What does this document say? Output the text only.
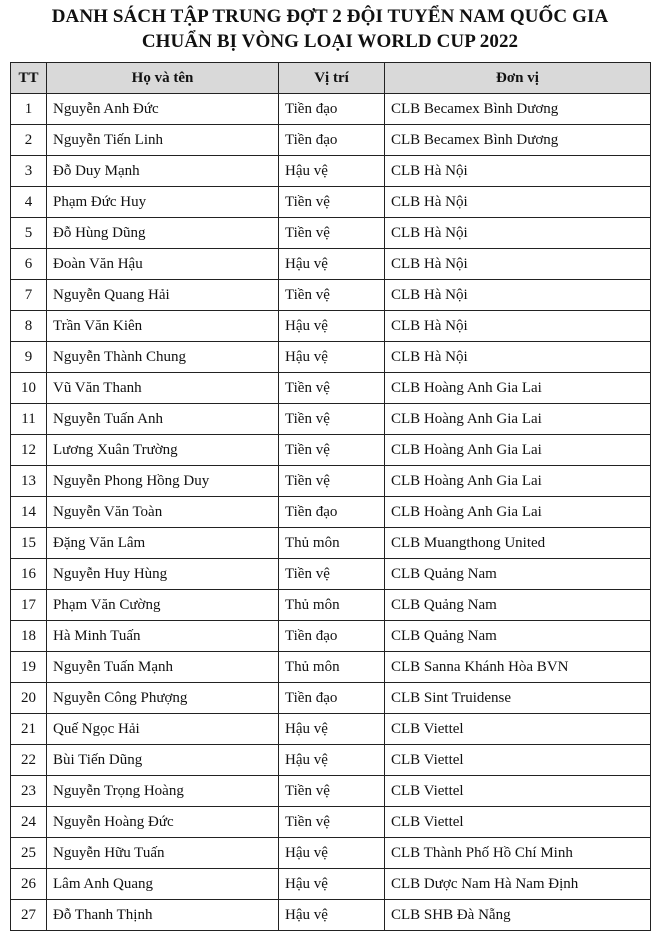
DANH SÁCH TẬP TRUNG ĐỢT 2 ĐỘI TUYỂN NAM QUỐC GIA
CHUẨN BỊ VÒNG LOẠI WORLD CUP 2022
TT	Họ và tên	Vị trí	Đơn vị
1	Nguyễn Anh Đức	Tiền đạo	CLB Becamex Bình Dương
2	Nguyễn Tiến Linh	Tiền đạo	CLB Becamex Bình Dương
3	Đỗ Duy Mạnh	Hậu vệ	CLB Hà Nội
4	Phạm Đức Huy	Tiền vệ	CLB Hà Nội
5	Đỗ Hùng Dũng	Tiền vệ	CLB Hà Nội
6	Đoàn Văn Hậu	Hậu vệ	CLB Hà Nội
7	Nguyễn Quang Hải	Tiền vệ	CLB Hà Nội
8	Trần Văn Kiên	Hậu vệ	CLB Hà Nội
9	Nguyễn Thành Chung	Hậu vệ	CLB Hà Nội
10	Vũ Văn Thanh	Tiền vệ	CLB Hoàng Anh Gia Lai
11	Nguyễn Tuấn Anh	Tiền vệ	CLB Hoàng Anh Gia Lai
12	Lương Xuân Trường	Tiền vệ	CLB Hoàng Anh Gia Lai
13	Nguyễn Phong Hồng Duy	Tiền vệ	CLB Hoàng Anh Gia Lai
14	Nguyễn Văn Toàn	Tiền đạo	CLB Hoàng Anh Gia Lai
15	Đặng Văn Lâm	Thủ môn	CLB Muangthong United
16	Nguyễn Huy Hùng	Tiền vệ	CLB Quảng Nam
17	Phạm Văn Cường	Thủ môn	CLB Quảng Nam
18	Hà Minh Tuấn	Tiền đạo	CLB Quảng Nam
19	Nguyễn Tuấn Mạnh	Thủ môn	CLB Sanna Khánh Hòa BVN
20	Nguyễn Công Phượng	Tiền đạo	CLB Sint Truidense
21	Quế Ngọc Hải	Hậu vệ	CLB Viettel
22	Bùi Tiến Dũng	Hậu vệ	CLB Viettel
23	Nguyễn Trọng Hoàng	Tiền vệ	CLB Viettel
24	Nguyễn Hoàng Đức	Tiền vệ	CLB Viettel
25	Nguyễn Hữu Tuấn	Hậu vệ	CLB Thành Phố Hồ Chí Minh
26	Lâm Anh Quang	Hậu vệ	CLB Dược Nam Hà Nam Định
27	Đỗ Thanh Thịnh	Hậu vệ	CLB SHB Đà Nẵng
